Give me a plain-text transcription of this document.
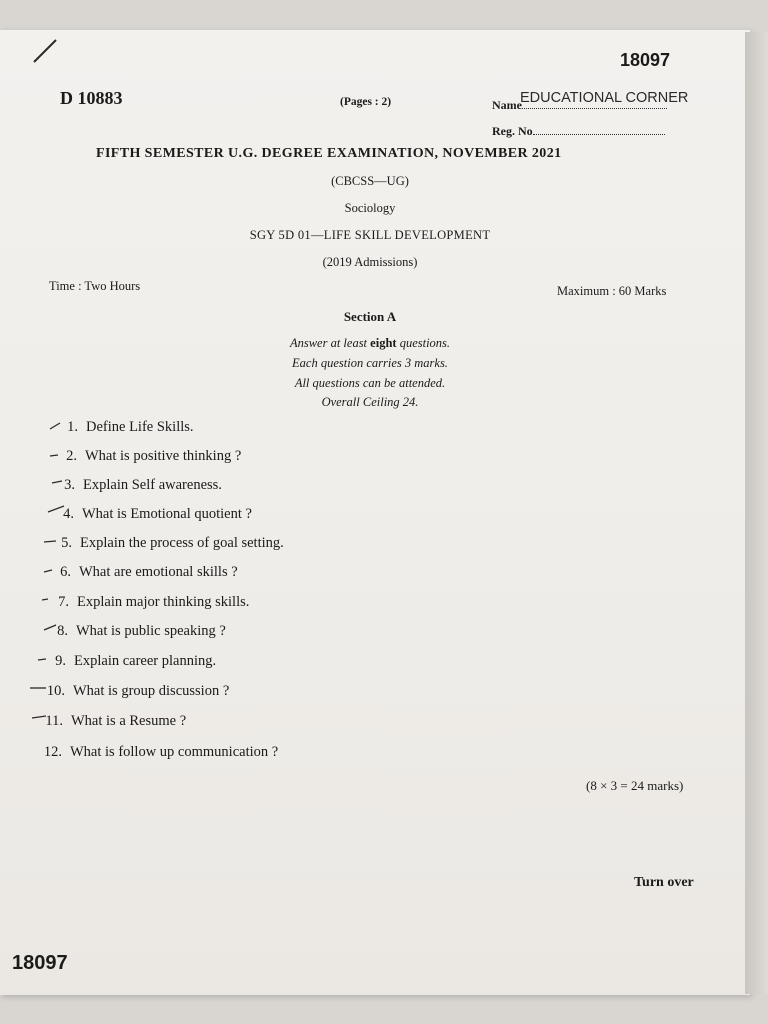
18097
D 10883	(Pages : 2)	Name
EDUCATIONAL CORNER
Reg. No
FIFTH SEMESTER U.G. DEGREE EXAMINATION, NOVEMBER 2021
(CBCSS—UG)
Sociology
SGY 5D 01—LIFE SKILL DEVELOPMENT
(2019 Admissions)
Time : Two Hours	Maximum : 60 Marks
Section A
Answer at least eight questions.
Each question carries 3 marks.
All questions can be attended.
Overall Ceiling 24.
1. Define Life Skills.
2. What is positive thinking ?
3. Explain Self awareness.
4. What is Emotional quotient ?
5. Explain the process of goal setting.
6. What are emotional skills ?
7. Explain major thinking skills.
8. What is public speaking ?
9. Explain career planning.
10. What is group discussion ?
11. What is a Resume ?
12. What is follow up communication ?
(8 × 3 = 24 marks)
Turn over
18097
